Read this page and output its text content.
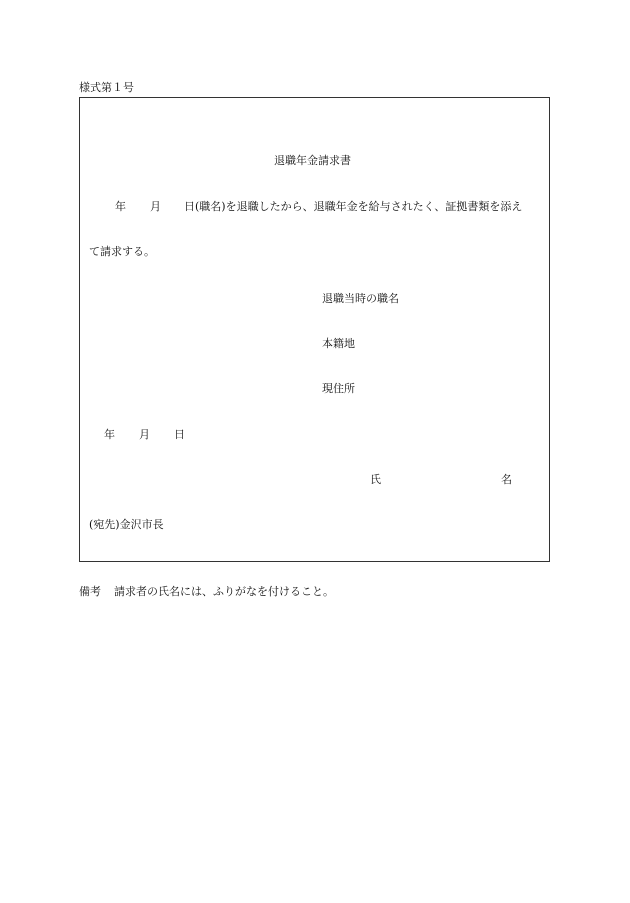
様式第１号
退職年金請求書
年 月 日(職名)を退職したから、退職年金を給与されたく、証拠書類を添え
て請求する。
退職当時の職名
本籍地
現住所
年 月 日
氏	名
(宛先)金沢市長
備考 請求者の氏名には、ふりがなを付けること。
